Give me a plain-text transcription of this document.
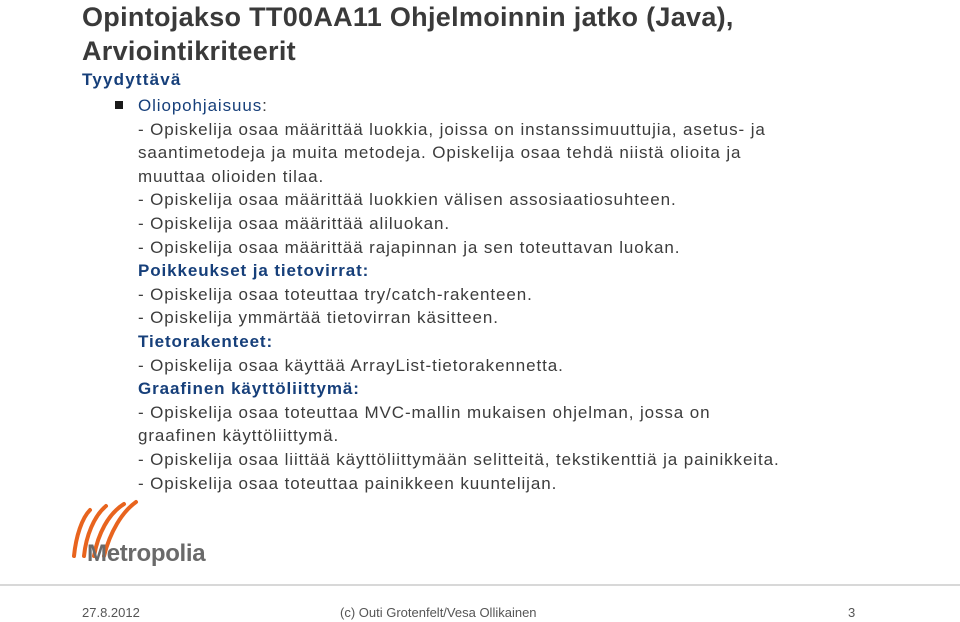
Opintojakso TT00AA11 Ohjelmoinnin jatko (Java),
Arviointikriteerit
Tyydyttävä
Oliopohjaisuus:
- Opiskelija osaa määrittää luokkia, joissa on instanssimuuttujia, asetus- ja
saantimetodeja ja muita metodeja. Opiskelija osaa tehdä niistä olioita ja
muuttaa olioiden tilaa.
- Opiskelija osaa määrittää luokkien välisen assosiaatiosuhteen.
- Opiskelija osaa määrittää aliluokan.
- Opiskelija osaa määrittää rajapinnan ja sen toteuttavan luokan.
Poikkeukset ja tietovirrat:
- Opiskelija osaa toteuttaa try/catch-rakenteen.
- Opiskelija ymmärtää tietovirran käsitteen.
Tietorakenteet:
- Opiskelija osaa käyttää ArrayList-tietorakennetta.
Graafinen käyttöliittymä:
- Opiskelija osaa toteuttaa MVC-mallin mukaisen ohjelman, jossa on
graafinen käyttöliittymä.
- Opiskelija osaa liittää käyttöliittymään selitteitä, tekstikenttiä ja painikkeita.
- Opiskelija osaa toteuttaa painikkeen kuuntelijan.
Metropolia
27.8.2012	(c) Outi Grotenfelt/Vesa Ollikainen	3
